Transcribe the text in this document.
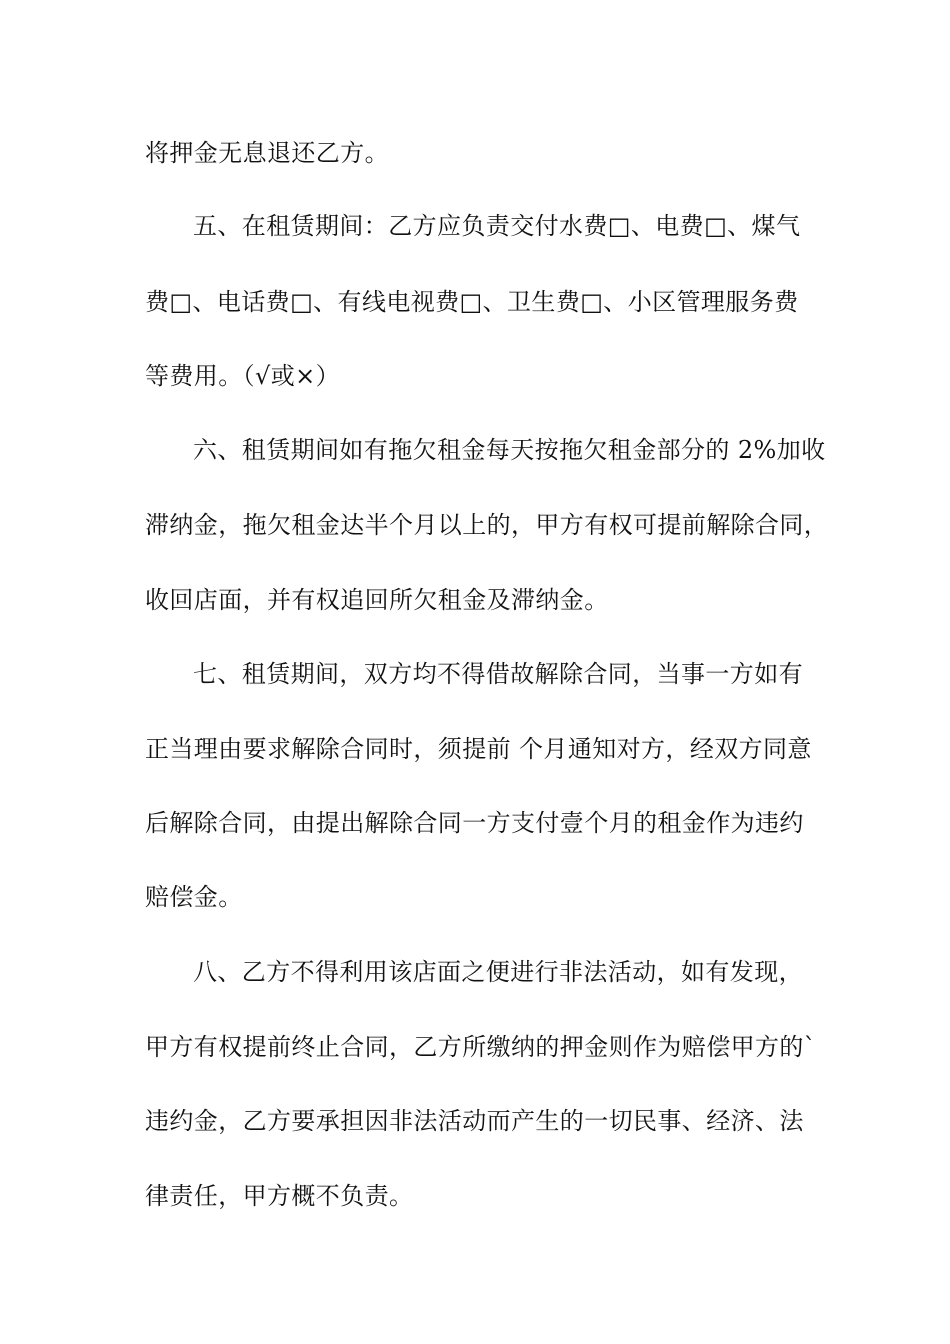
将押金无息退还乙方。
五、在租赁期间：乙方应负责交付水费□、电费□、煤气
费□、电话费□、有线电视费□、卫生费□、小区管理服务费
等费用。（√或×）
六、租赁期间如有拖欠租金每天按拖欠租金部分的 2%加收
滞纳金，拖欠租金达半个月以上的，甲方有权可提前解除合同，
收回店面，并有权追回所欠租金及滞纳金。
七、租赁期间，双方均不得借故解除合同，当事一方如有
正当理由要求解除合同时，须提前 个月通知对方，经双方同意
后解除合同，由提出解除合同一方支付壹个月的租金作为违约
赔偿金。
八、乙方不得利用该店面之便进行非法活动，如有发现，
甲方有权提前终止合同，乙方所缴纳的押金则作为赔偿甲方的`
违约金，乙方要承担因非法活动而产生的一切民事、经济、法
律责任，甲方概不负责。
